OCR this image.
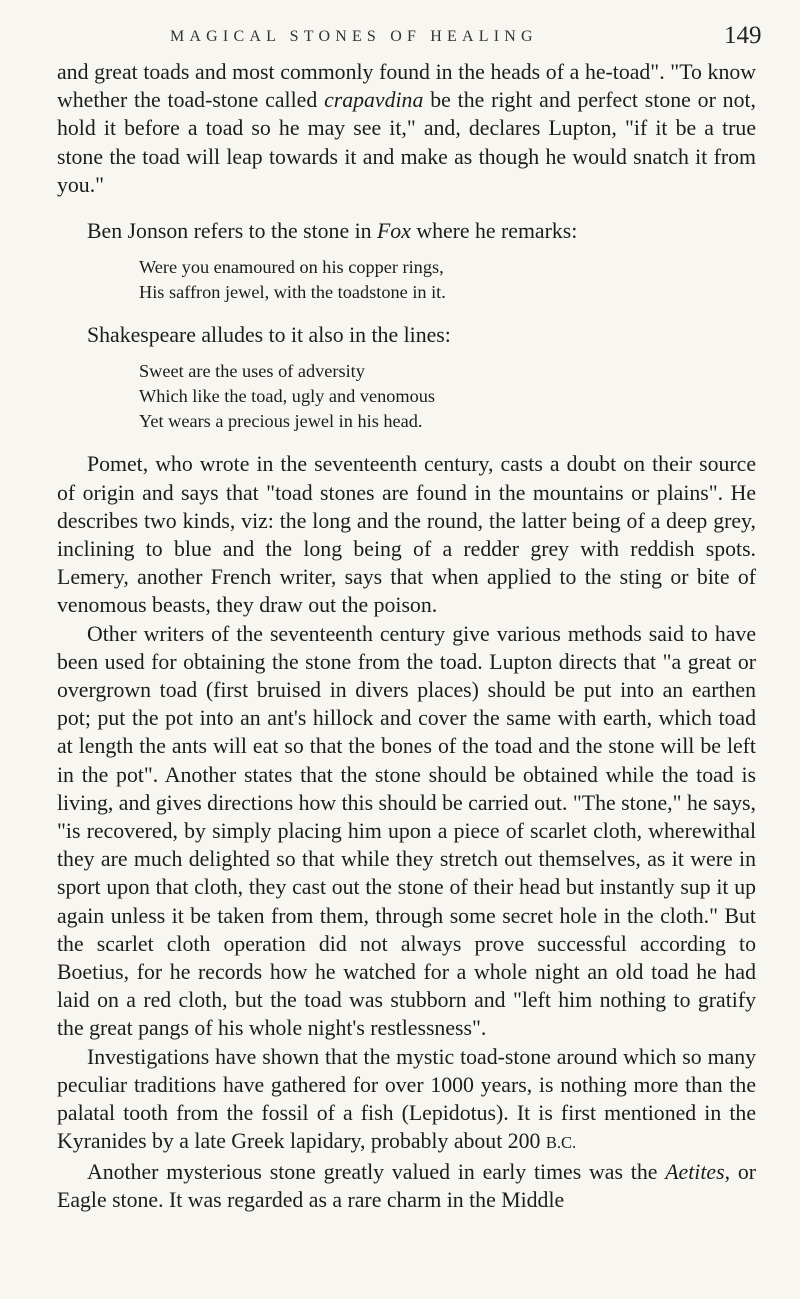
MAGICAL STONES OF HEALING	149

and great toads and most commonly found in the heads of a he-toad". "To know whether the toad-stone called crapavdina be the right and perfect stone or not, hold it before a toad so he may see it," and, declares Lupton, "if it be a true stone the toad will leap towards it and make as though he would snatch it from you."

Ben Jonson refers to the stone in Fox where he remarks:

Were you enamoured on his copper rings,
His saffron jewel, with the toadstone in it.

Shakespeare alludes to it also in the lines:

Sweet are the uses of adversity
Which like the toad, ugly and venomous
Yet wears a precious jewel in his head.

Pomet, who wrote in the seventeenth century, casts a doubt on their source of origin and says that "toad stones are found in the mountains or plains". He describes two kinds, viz: the long and the round, the latter being of a deep grey, inclining to blue and the long being of a redder grey with reddish spots. Lemery, another French writer, says that when applied to the sting or bite of venomous beasts, they draw out the poison.

Other writers of the seventeenth century give various methods said to have been used for obtaining the stone from the toad. Lupton directs that "a great or overgrown toad (first bruised in divers places) should be put into an earthen pot; put the pot into an ant's hillock and cover the same with earth, which toad at length the ants will eat so that the bones of the toad and the stone will be left in the pot". Another states that the stone should be obtained while the toad is living, and gives directions how this should be carried out. "The stone," he says, "is recovered, by simply placing him upon a piece of scarlet cloth, wherewithal they are much delighted so that while they stretch out themselves, as it were in sport upon that cloth, they cast out the stone of their head but instantly sup it up again unless it be taken from them, through some secret hole in the cloth." But the scarlet cloth operation did not always prove successful according to Boetius, for he records how he watched for a whole night an old toad he had laid on a red cloth, but the toad was stubborn and "left him nothing to gratify the great pangs of his whole night's restlessness".

Investigations have shown that the mystic toad-stone around which so many peculiar traditions have gathered for over 1000 years, is nothing more than the palatal tooth from the fossil of a fish (Lepidotus). It is first mentioned in the Kyranides by a late Greek lapidary, probably about 200 B.C.

Another mysterious stone greatly valued in early times was the Aetites, or Eagle stone. It was regarded as a rare charm in the Middle
